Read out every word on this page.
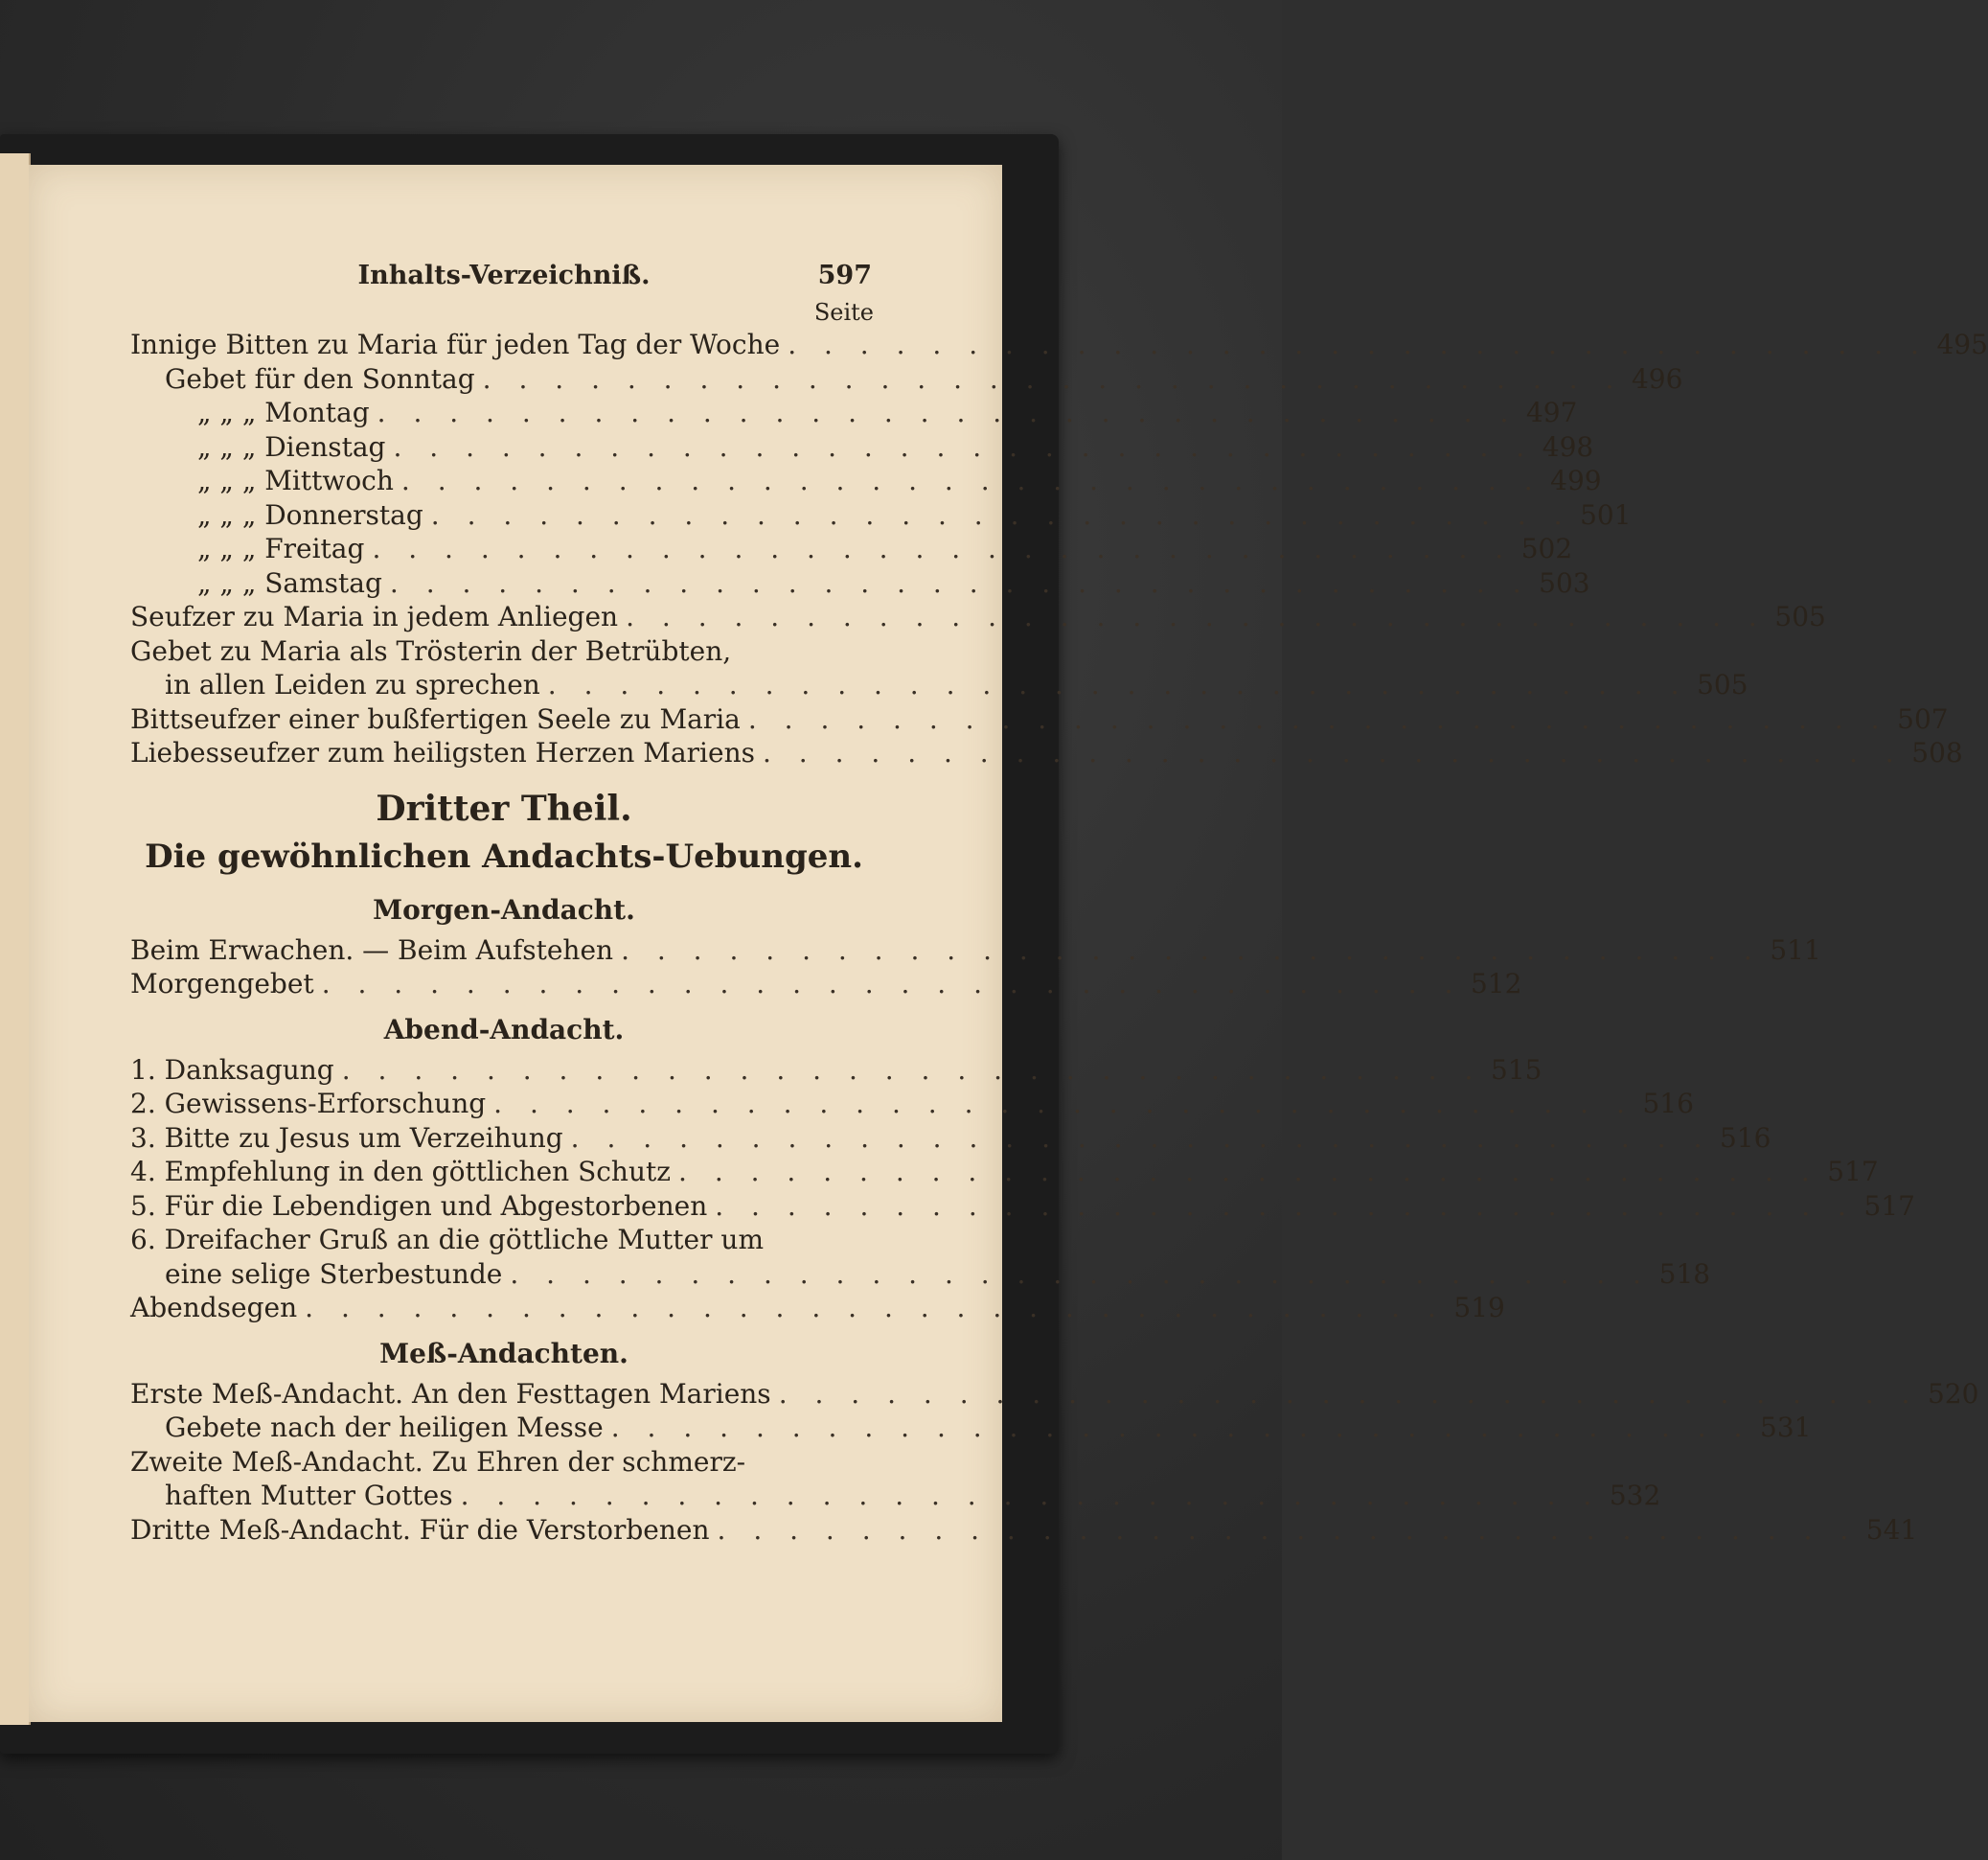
Inhalts-Verzeichniß.	597
Seite
Innige Bitten zu Maria für jeden Tag der Woche . . . . . . . . . . . . . . . . . . . . . . . . . . . . . . . . 495
Gebet für den Sonntag . . . . . . . . . . . . . . . . . . . . . . . . . . . . . . . . 496
„ „ „ Montag . . . . . . . . . . . . . . . . . . . . . . . . . . . . . . . . 497
„ „ „ Dienstag . . . . . . . . . . . . . . . . . . . . . . . . . . . . . . . . 498
„ „ „ Mittwoch . . . . . . . . . . . . . . . . . . . . . . . . . . . . . . . . 499
„ „ „ Donnerstag . . . . . . . . . . . . . . . . . . . . . . . . . . . . . . . . 501
„ „ „ Freitag . . . . . . . . . . . . . . . . . . . . . . . . . . . . . . . . 502
„ „ „ Samstag . . . . . . . . . . . . . . . . . . . . . . . . . . . . . . . . 503
Seufzer zu Maria in jedem Anliegen . . . . . . . . . . . . . . . . . . . . . . . . . . . . . . . . 505
Gebet zu Maria als Trösterin der Betrübten,
in allen Leiden zu sprechen . . . . . . . . . . . . . . . . . . . . . . . . . . . . . . . . 505
Bittseufzer einer bußfertigen Seele zu Maria . . . . . . . . . . . . . . . . . . . . . . . . . . . . . . . . 507
Liebesseufzer zum heiligsten Herzen Mariens . . . . . . . . . . . . . . . . . . . . . . . . . . . . . . . . 508
Dritter Theil.
Die gewöhnlichen Andachts-Uebungen.
Morgen-Andacht.
Beim Erwachen. — Beim Aufstehen . . . . . . . . . . . . . . . . . . . . . . . . . . . . . . . . 511
Morgengebet . . . . . . . . . . . . . . . . . . . . . . . . . . . . . . . . 512
Abend-Andacht.
1. Danksagung . . . . . . . . . . . . . . . . . . . . . . . . . . . . . . . . 515
2. Gewissens-Erforschung . . . . . . . . . . . . . . . . . . . . . . . . . . . . . . . . 516
3. Bitte zu Jesus um Verzeihung . . . . . . . . . . . . . . . . . . . . . . . . . . . . . . . . 516
4. Empfehlung in den göttlichen Schutz . . . . . . . . . . . . . . . . . . . . . . . . . . . . . . . . 517
5. Für die Lebendigen und Abgestorbenen . . . . . . . . . . . . . . . . . . . . . . . . . . . . . . . . 517
6. Dreifacher Gruß an die göttliche Mutter um
eine selige Sterbestunde . . . . . . . . . . . . . . . . . . . . . . . . . . . . . . . . 518
Abendsegen . . . . . . . . . . . . . . . . . . . . . . . . . . . . . . . . 519
Meß-Andachten.
Erste Meß-Andacht. An den Festtagen Mariens . . . . . . . . . . . . . . . . . . . . . . . . . . . . . . . . 520
Gebete nach der heiligen Messe . . . . . . . . . . . . . . . . . . . . . . . . . . . . . . . . 531
Zweite Meß-Andacht. Zu Ehren der schmerz-
haften Mutter Gottes . . . . . . . . . . . . . . . . . . . . . . . . . . . . . . . . 532
Dritte Meß-Andacht. Für die Verstorbenen . . . . . . . . . . . . . . . . . . . . . . . . . . . . . . . . 541
